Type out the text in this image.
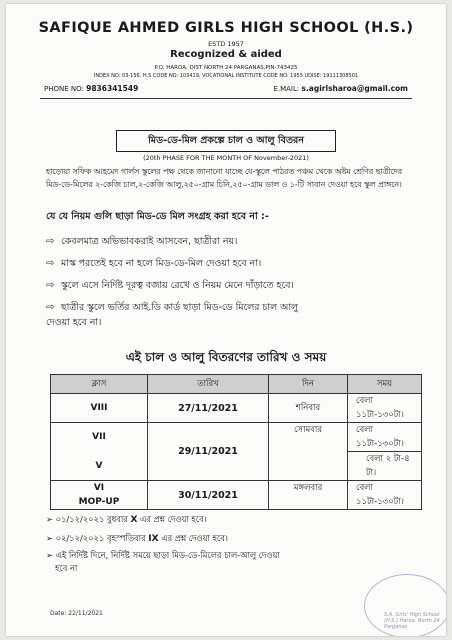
SAFIQUE AHMED GIRLS HIGH SCHOOL (H.S.)
ESTD 1957
Recognized & aided
P.O. HAROA, DIST NORTH 24 PARGANAS,PIN-743425
INDEX NO: 03-156, H.S CODE NO: 103419, VOCATIONAL INSTITUTE CODE NO: 1955 UDISE: 19111308501
PHONE NO: 9836341549	E.MAIL: s.agirlsharoa@gmail.com
মিড-ডে-মিল প্রকল্পে চাল ও আলু বিতরন
(20th PHASE FOR THE MONTH OF November-2021)
হাড়োয়া সফিক আহমেদ গার্লস স্কুলের পক্ষ থেকে জানানো যাচ্ছে যে-স্কুলে পাঠরত পঞ্চম থেকে অষ্টম শ্রেণির ছাত্রীদের মিড-ডে-মিলের ২-কেজি চাল,২-কেজি আলু,২৫০-গ্রাম চিনি,২৫০-গ্রাম ডাল ও ১-টি সাবান দেওয়া হবে স্কুল প্রাঙ্গনে।
যে যে নিয়ম গুলি ছাড়া মিড-ডে মিল সংগ্রহ করা হবে না :-
⇨ কেবলমাত্র অভিভাবকরাই আসবেন, ছাত্রীরা নয়।
⇨ মাস্ক পরতেই হবে না হলে মিড-ডে-মিল দেওয়া হবে না।
⇨ স্কুলে এসে নির্দিষ্ট দূরত্ব বজায় রেখে ও নিয়ম মেনে দাঁড়াতে হবে।
⇨ ছাত্রীর স্কুলে ভর্তির আই.ডি কার্ড ছাড়া মিড-ডে মিলের চাল আলু
দেওয়া হবে না।
এই চাল ও আলু বিতরণের তারিখ ও সময়
ক্লাস	তারিখ	দিন	সময়
VIII	27/11/2021	শনিবার	বেলা ১১টা-১৩০টা।
VII	29/11/2021	সোমবার	বেলা ১১টা-১৩০টা।
V			বেলা ২ টা-৪ টা।
VI	30/11/2021	মঙ্গলবার	বেলা ১১টা-১৩০টা।
MOP-UP			
➢ ০১/১২/২০২১ বুধবার X এর প্রশ্ন দেওয়া হবে।
➢ ০২/১২/২০২১ বৃহস্পতিবার IX এর প্রশ্ন দেওয়া হবে।
➢ এই নির্দিষ্ট দিনে, নির্দিষ্ট সময়ে ছাড়া মিড-ডে-মিলের চাল-আলু দেওয়া
হবে না
Date: 22/11/2021	S.A. Girls' High School (H.S.) Haroa, North 24 Parganas
